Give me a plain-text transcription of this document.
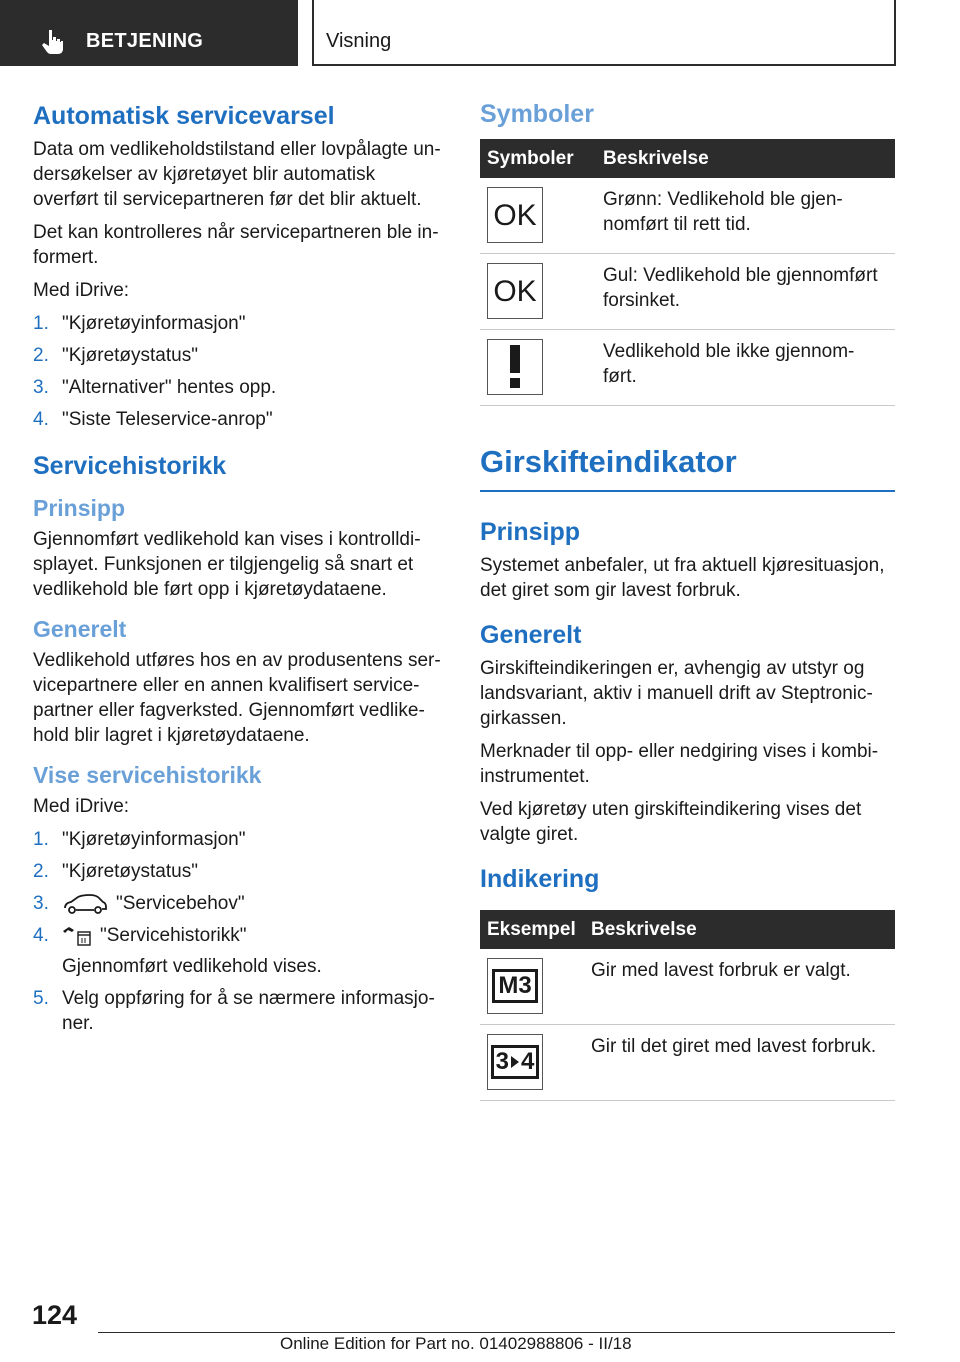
BETJENING	Visning
Automatisk servicevarsel

Data om vedlikeholdstilstand eller lovpålagte un-dersøkelser av kjøretøyet blir automatisk overført til servicepartneren før det blir aktuelt.

Det kan kontrolleres når servicepartneren ble in-formert.

Med iDrive:

1. "Kjøretøyinformasjon"
2. "Kjøretøystatus"
3. "Alternativer" hentes opp.
4. "Siste Teleservice-anrop"
Servicehistorikk
Prinsipp

Gjennomført vedlikehold kan vises i kontrolldi-splayet. Funksjonen er tilgjengelig så snart et vedlikehold ble ført opp i kjøretøydataene.

Generelt

Vedlikehold utføres hos en av produsentens ser-vicepartnere eller en annen kvalifisert service-partner eller fagverksted. Gjennomført vedlike-hold blir lagret i kjøretøydataene.

Vise servicehistorikk

Med iDrive:

1. "Kjøretøyinformasjon"
2. "Kjøretøystatus"
3.	"Servicebehov"
4.	"Servicehistorikk"
Gjennomført vedlikehold vises.
5. Velg oppføring for å se nærmere informasjo-ner.
Symboler
Symboler	Beskrivelse

OK	Grønn: Vedlikehold ble gjen-nomført til rett tid.

OK	Gul: Vedlikehold ble gjennomført forsinket.

	Vedlikehold ble ikke gjennom-ført.
Girskifteindikator
Prinsipp

Systemet anbefaler, ut fra aktuell kjøresituasjon, det giret som gir lavest forbruk.

Generelt

Girskifteindikeringen er, avhengig av utstyr og landsvariant, aktiv i manuell drift av Steptronic-girkassen.

Merknader til opp- eller nedgiring vises i kombi-instrumentet.

Ved kjøretøy uten girskifteindikering vises det valgte giret.

Indikering
Eksempel	Beskrivelse

M3	Gir med lavest forbruk er valgt.

3 4	Gir til det giret med lavest forbruk.
124
Online Edition for Part no. 01402988806 - II/18
